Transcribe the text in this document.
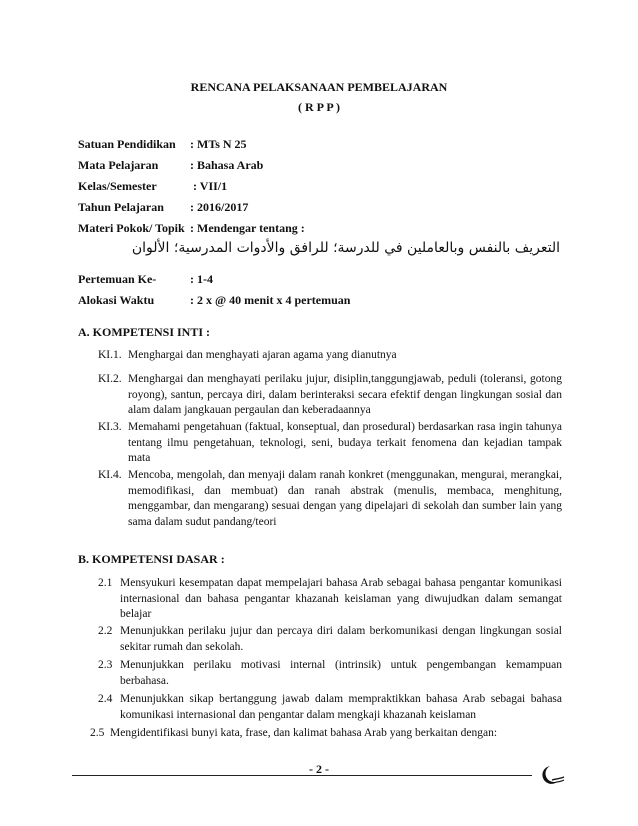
RENCANA PELAKSANAAN PEMBELAJARAN
( R P P )
Satuan Pendidikan : MTs N 25
Mata Pelajaran	: Bahasa Arab
Kelas/Semester	: VII/1
Tahun Pelajaran : 2016/2017
Materi Pokok/ Topik : Mendengar tentang :
التعريف بالنفس وبالعاملين في للدرسة؛ للرافق والأدوات المدرسية؛ الألوان
Pertemuan Ke-	: 1-4
Alokasi Waktu	: 2 x @ 40 menit x 4 pertemuan
A. KOMPETENSI INTI :
KI.1. Menghargai dan menghayati ajaran agama yang dianutnya
KI.2. Menghargai dan menghayati perilaku jujur, disiplin,tanggungjawab, peduli (toleransi, gotong royong), santun, percaya diri, dalam berinteraksi secara efektif dengan lingkungan sosial dan alam dalam jangkauan pergaulan dan keberadaannya
KI.3. Memahami pengetahuan (faktual, konseptual, dan prosedural) berdasarkan rasa ingin tahunya tentang ilmu pengetahuan, teknologi, seni, budaya terkait fenomena dan kejadian tampak mata
KI.4. Mencoba, mengolah, dan menyaji dalam ranah konkret (menggunakan, mengurai, merangkai, memodifikasi, dan membuat) dan ranah abstrak (menulis, membaca, menghitung, menggambar, dan mengarang) sesuai dengan yang dipelajari di sekolah dan sumber lain yang sama dalam sudut pandang/teori
B. KOMPETENSI DASAR :
2.1 Mensyukuri kesempatan dapat mempelajari bahasa Arab sebagai bahasa pengantar komunikasi internasional dan bahasa pengantar khazanah keislaman yang diwujudkan dalam semangat belajar
2.2 Menunjukkan perilaku jujur dan percaya diri dalam berkomunikasi dengan lingkungan sosial sekitar rumah dan sekolah.
2.3 Menunjukkan perilaku motivasi internal (intrinsik) untuk pengembangan kemampuan berbahasa.
2.4 Menunjukkan sikap bertanggung jawab dalam mempraktikkan bahasa Arab sebagai bahasa komunikasi internasional dan pengantar dalam mengkaji khazanah keislaman
2.5 Mengidentifikasi bunyi kata, frase, dan kalimat bahasa Arab yang berkaitan dengan:
- 2 -
